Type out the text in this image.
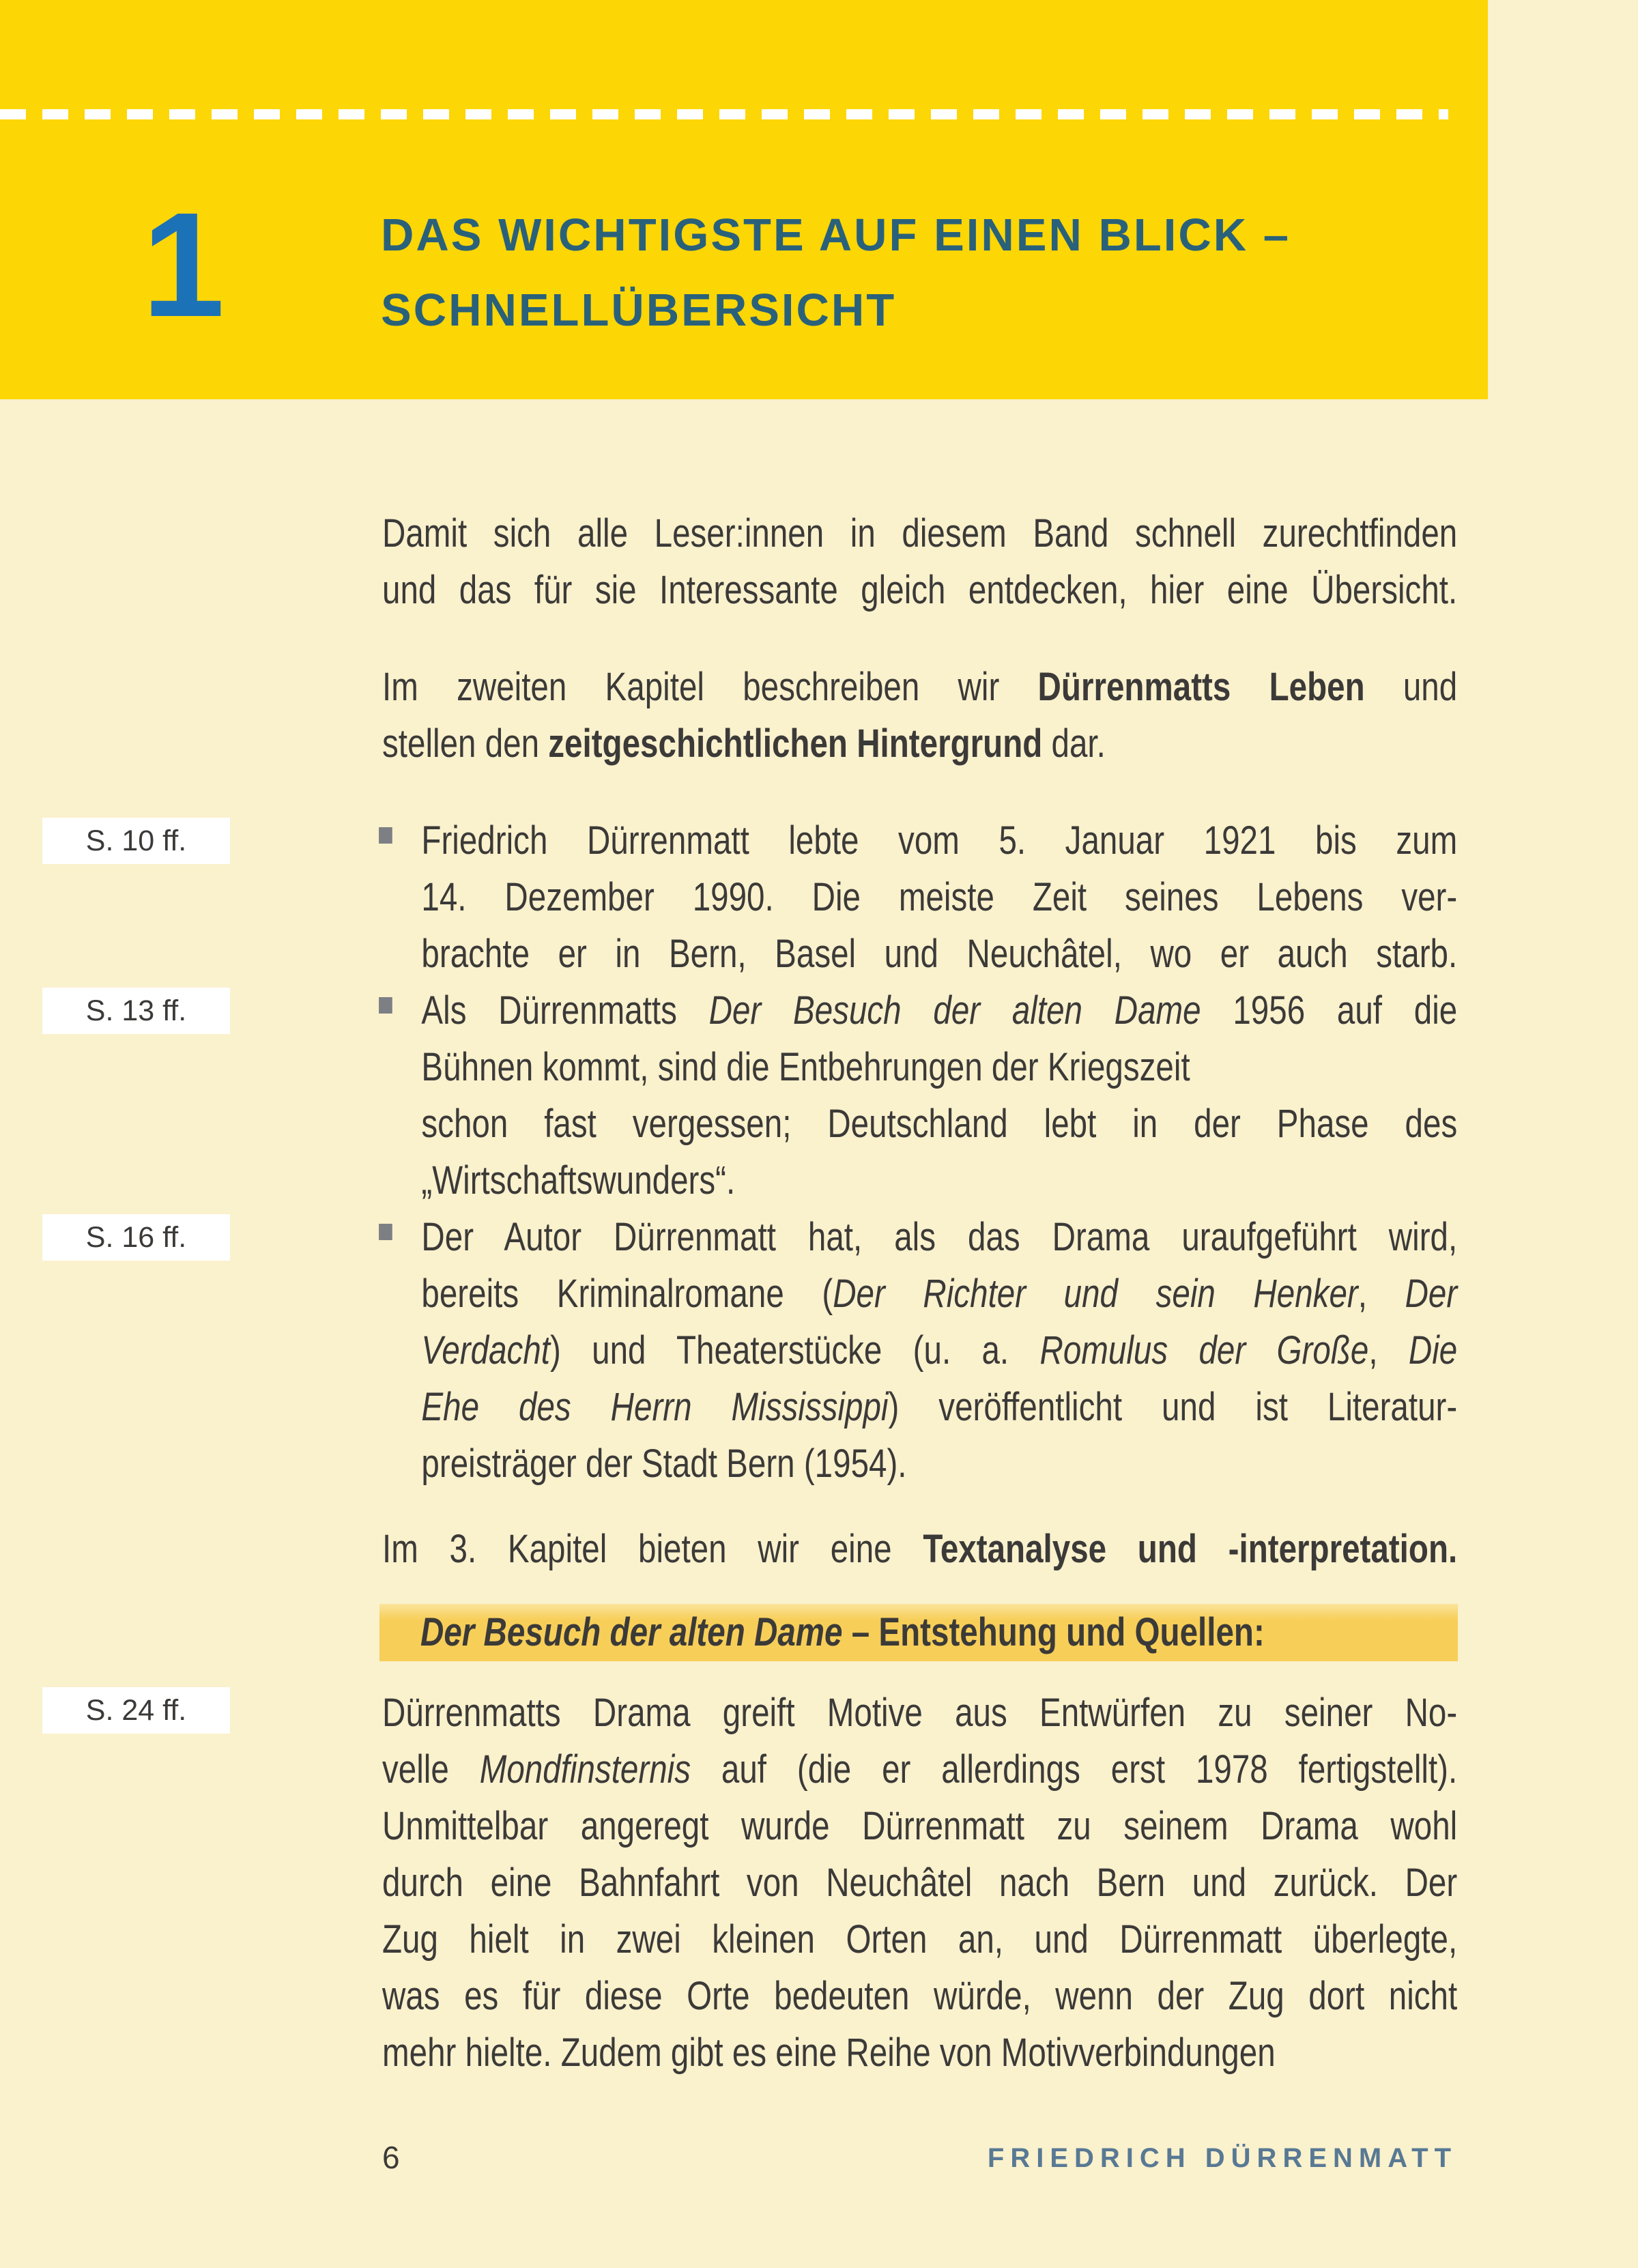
1	DAS WICHTIGSTE AUF EINEN BLICK –
SCHNELLÜBERSICHT
S. 10 ff.
S. 13 ff.
S. 16 ff.
S. 24 ff.
Damit sich alle Leser:innen in diesem Band schnell zurechtfinden
und das für sie Interessante gleich entdecken, hier eine Übersicht.
Im zweiten Kapitel beschreiben wir Dürrenmatts Leben und
stellen den zeitgeschichtlichen Hintergrund dar.
Friedrich Dürrenmatt lebte vom 5. Januar 1921 bis zum
14. Dezember 1990. Die meiste Zeit seines Lebens ver-
brachte er in Bern, Basel und Neuchâtel, wo er auch starb.
Als Dürrenmatts Der Besuch der alten Dame 1956 auf die
Bühnen kommt, sind die Entbehrungen der Kriegszeit
schon fast vergessen; Deutschland lebt in der Phase des
„Wirtschaftswunders“.
Der Autor Dürrenmatt hat, als das Drama uraufgeführt wird,
bereits Kriminalromane (Der Richter und sein Henker, Der
Verdacht) und Theaterstücke (u. a. Romulus der Große, Die
Ehe des Herrn Mississippi) veröffentlicht und ist Literatur-
preisträger der Stadt Bern (1954).
Im 3. Kapitel bieten wir eine Textanalyse und -interpretation.
Der Besuch der alten Dame – Entstehung und Quellen:
Dürrenmatts Drama greift Motive aus Entwürfen zu seiner No-
velle Mondfinsternis auf (die er allerdings erst 1978 fertigstellt).
Unmittelbar angeregt wurde Dürrenmatt zu seinem Drama wohl
durch eine Bahnfahrt von Neuchâtel nach Bern und zurück. Der
Zug hielt in zwei kleinen Orten an, und Dürrenmatt überlegte,
was es für diese Orte bedeuten würde, wenn der Zug dort nicht
mehr hielte. Zudem gibt es eine Reihe von Motivverbindungen
6	FRIEDRICH DÜRRENMATT
